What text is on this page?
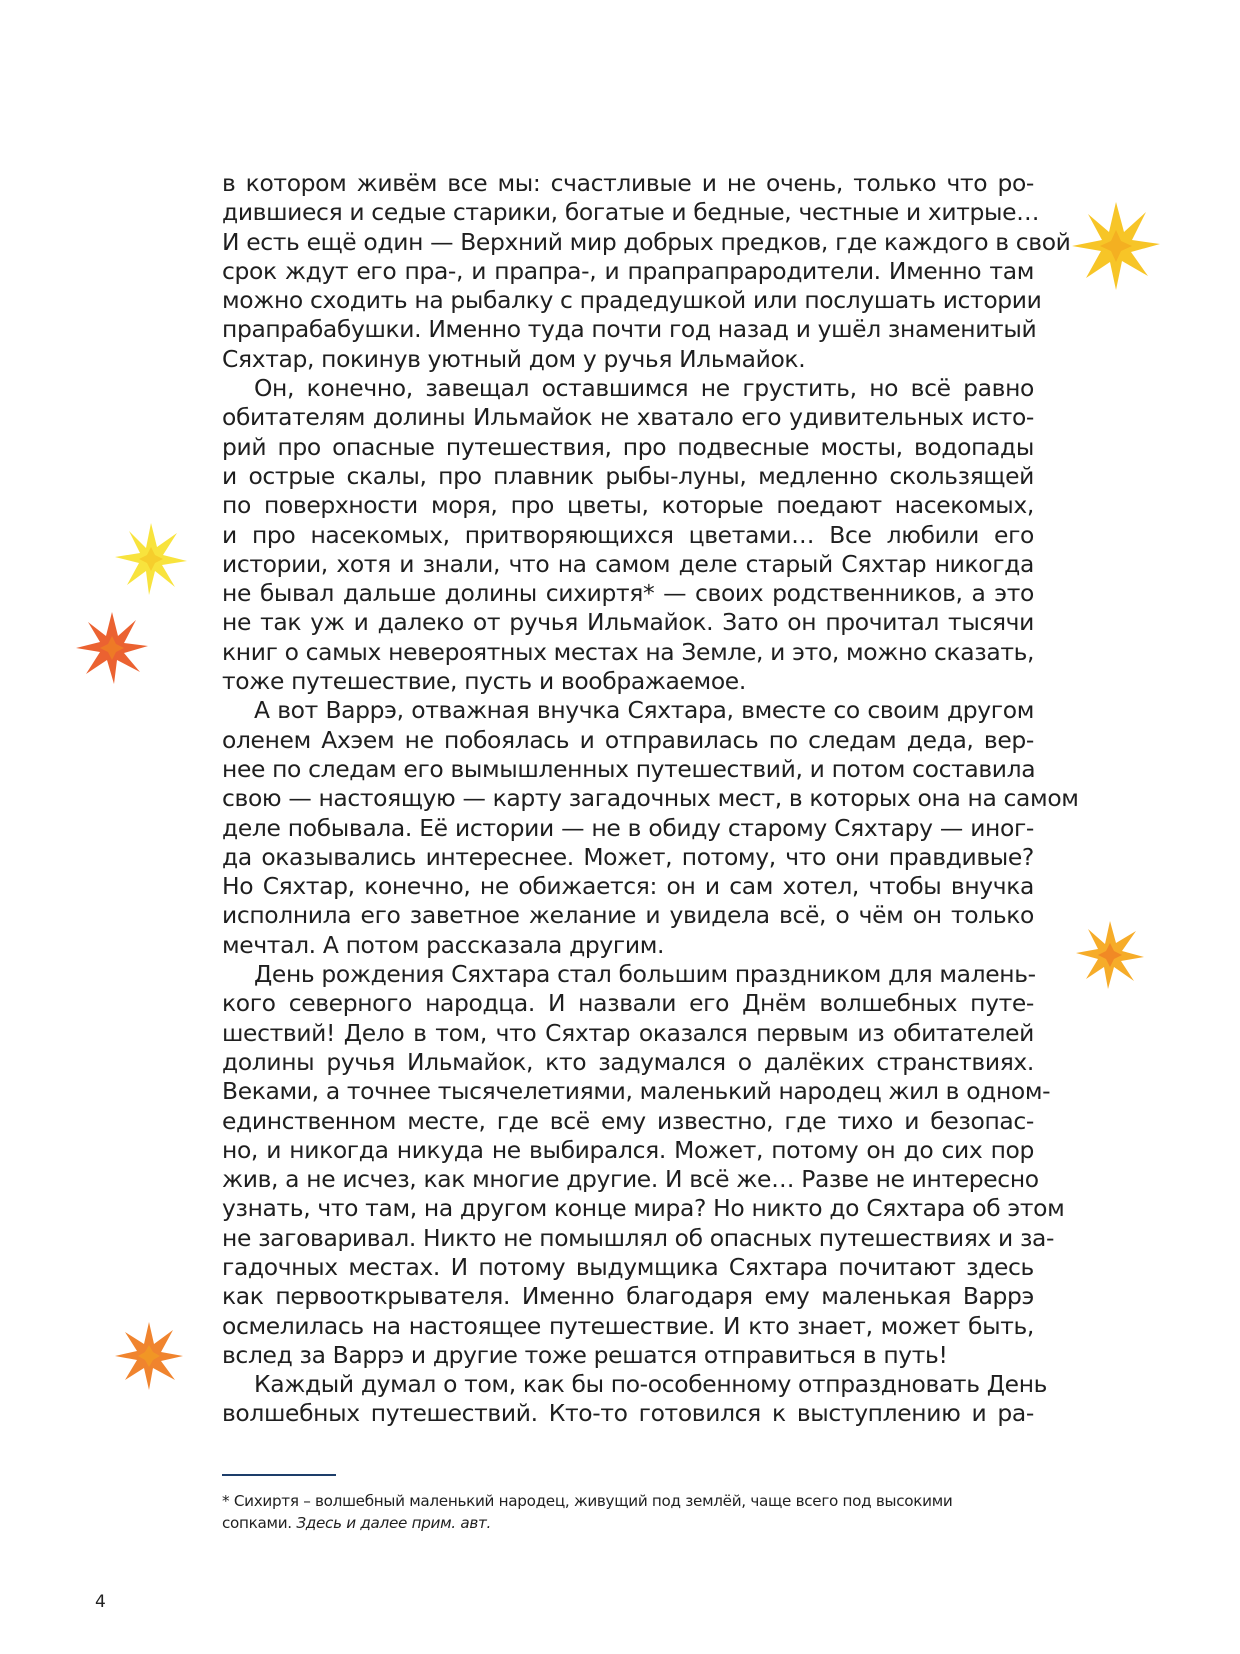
в котором живём все мы: счастливые и не очень, только что ро-
дившиеся и седые старики, богатые и бедные, честные и хитрые…
И есть ещё один — Верхний мир добрых предков, где каждого в свой
срок ждут его пра-, и прапра-, и прапрапрародители. Именно там
можно сходить на рыбалку с прадедушкой или послушать истории
прапрабабушки. Именно туда почти год назад и ушёл знаменитый
Сяхтар, покинув уютный дом у ручья Ильмайок.
Он, конечно, завещал оставшимся не грустить, но всё равно
обитателям долины Ильмайок не хватало его удивительных исто-
рий про опасные путешествия, про подвесные мосты, водопады
и острые скалы, про плавник рыбы-луны, медленно скользящей
по поверхности моря, про цветы, которые поедают насекомых,
и про насекомых, притворяющихся цветами… Все любили его
истории, хотя и знали, что на самом деле старый Сяхтар никогда
не бывал дальше долины сихиртя* — своих родственников, а это
не так уж и далеко от ручья Ильмайок. Зато он прочитал тысячи
книг о самых невероятных местах на Земле, и это, можно сказать,
тоже путешествие, пусть и воображаемое.
А вот Варрэ, отважная внучка Сяхтара, вместе со своим другом
оленем Ахэем не побоялась и отправилась по следам деда, вер-
нее по следам его вымышленных путешествий, и потом составила
свою — настоящую — карту загадочных мест, в которых она на самом
деле побывала. Её истории — не в обиду старому Сяхтару — иног-
да оказывались интереснее. Может, потому, что они правдивые?
Но Сяхтар, конечно, не обижается: он и сам хотел, чтобы внучка
исполнила его заветное желание и увидела всё, о чём он только
мечтал. А потом рассказала другим.
День рождения Сяхтара стал большим праздником для малень-
кого северного народца. И назвали его Днём волшебных путе-
шествий! Дело в том, что Сяхтар оказался первым из обитателей
долины ручья Ильмайок, кто задумался о далёких странствиях.
Веками, а точнее тысячелетиями, маленький народец жил в одном-
единственном месте, где всё ему известно, где тихо и безопас-
но, и никогда никуда не выбирался. Может, потому он до сих пор
жив, а не исчез, как многие другие. И всё же… Разве не интересно
узнать, что там, на другом конце мира? Но никто до Сяхтара об этом
не заговаривал. Никто не помышлял об опасных путешествиях и за-
гадочных местах. И потому выдумщика Сяхтара почитают здесь
как первооткрывателя. Именно благодаря ему маленькая Варрэ
осмелилась на настоящее путешествие. И кто знает, может быть,
вслед за Варрэ и другие тоже решатся отправиться в путь!
Каждый думал о том, как бы по-особенному отпраздновать День
волшебных путешествий. Кто-то готовился к выступлению и ра-
* Сихиртя – волшебный маленький народец, живущий под землёй, чаще всего под высокими
сопками. Здесь и далее прим. авт.
4
